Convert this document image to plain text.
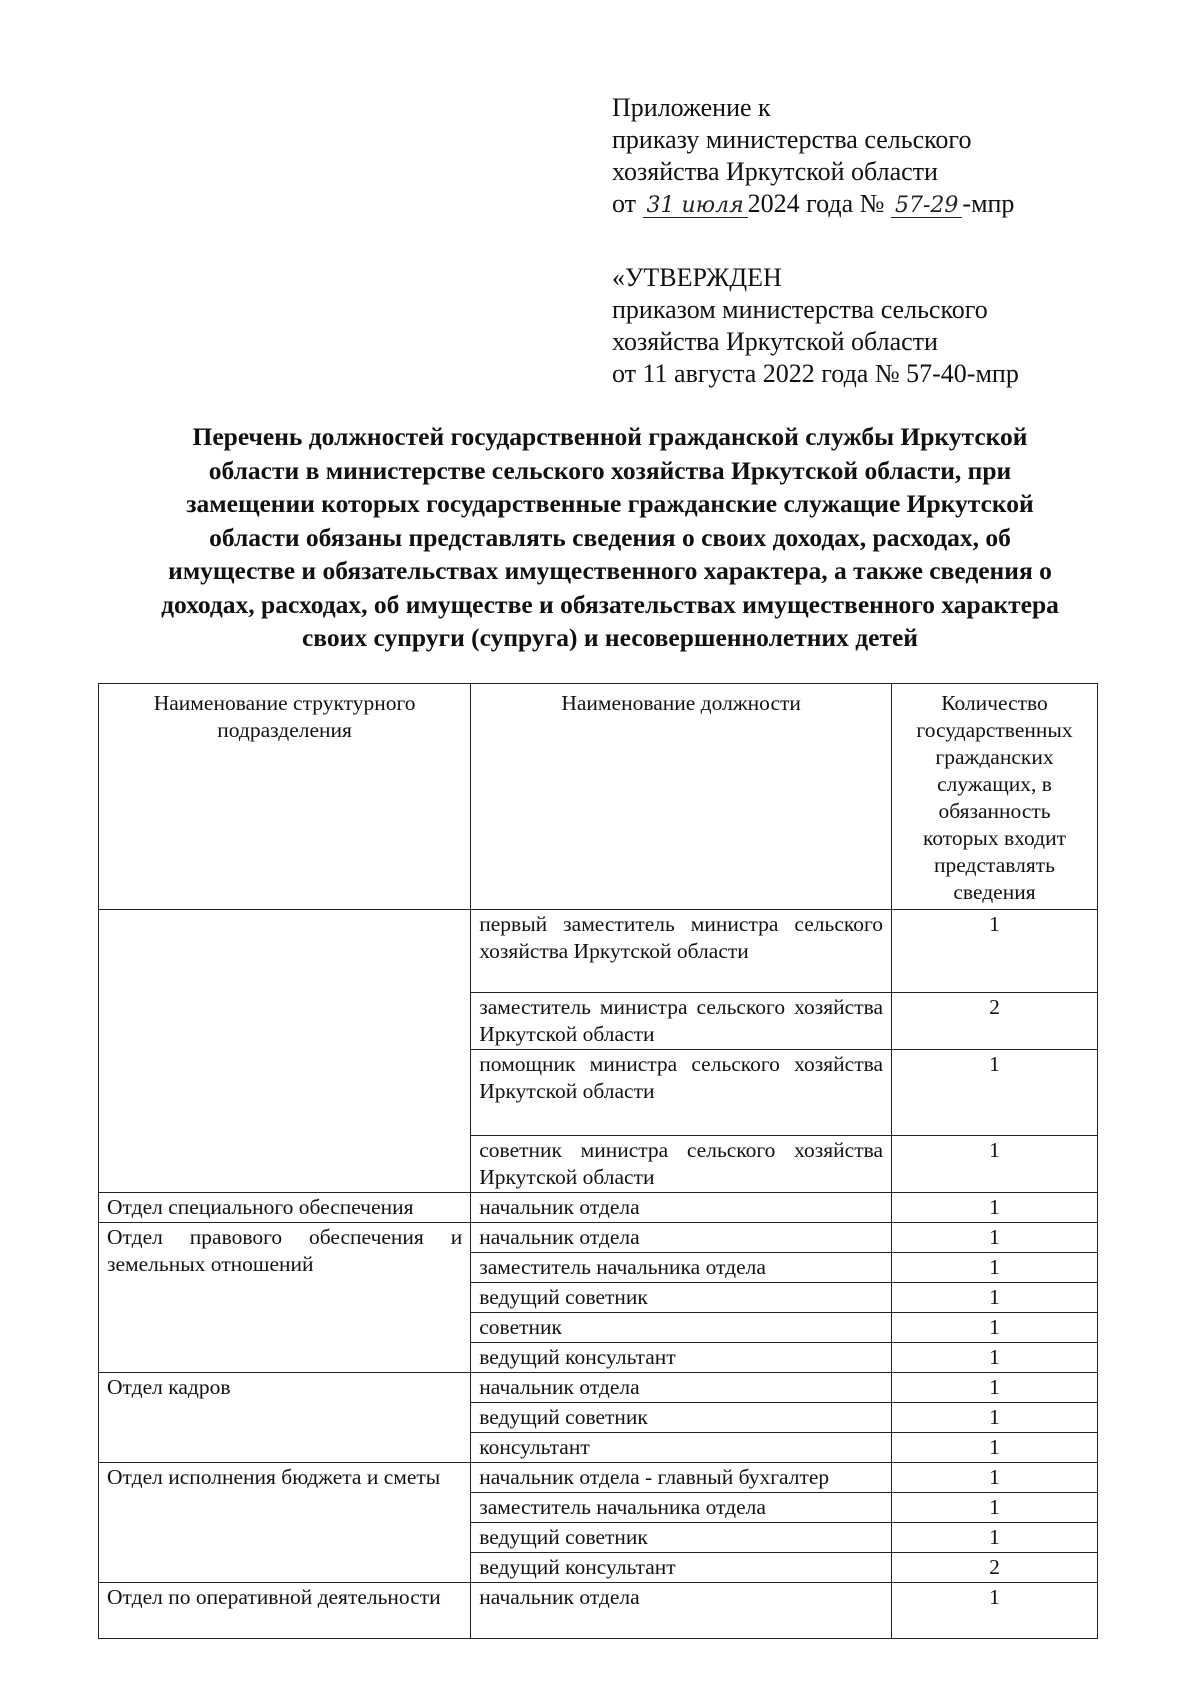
Приложение к
приказу министерства сельского
хозяйства Иркутской области
от 31 июля 2024 года № 57-29 -мпр
«УТВЕРЖДЕН
приказом министерства сельского
хозяйства Иркутской области
от 11 августа 2022 года № 57-40-мпр
Перечень должностей государственной гражданской службы Иркутской
области в министерстве сельского хозяйства Иркутской области, при
замещении которых государственные гражданские служащие Иркутской
области обязаны представлять сведения о своих доходах, расходах, об
имуществе и обязательствах имущественного характера, а также сведения о
доходах, расходах, об имуществе и обязательствах имущественного характера
своих супруги (супруга) и несовершеннолетних детей
Наименование структурного подразделения	Наименование должности	Количество государственных гражданских служащих, в обязанность которых входит представлять сведения
	первый заместитель министра сельского хозяйства Иркутской области	1
	заместитель министра сельского хозяйства Иркутской области	2
	помощник министра сельского хозяйства Иркутской области	1
	советник министра сельского хозяйства Иркутской области	1
Отдел специального обеспечения	начальник отдела	1
Отдел правового обеспечения и земельных отношений	начальник отдела	1
	заместитель начальника отдела	1
	ведущий советник	1
	советник	1
	ведущий консультант	1
Отдел кадров	начальник отдела	1
	ведущий советник	1
	консультант	1
Отдел исполнения бюджета и сметы	начальник отдела - главный бухгалтер	1
	заместитель начальника отдела	1
	ведущий советник	1
	ведущий консультант	2
Отдел по оперативной деятельности	начальник отдела	1
